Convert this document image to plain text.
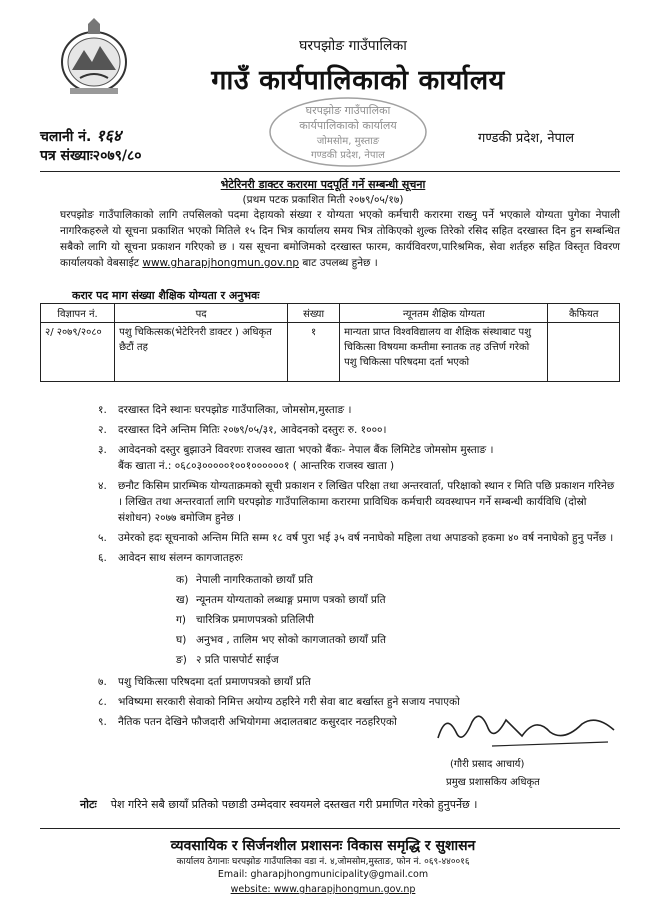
घरपझोङ गाउँपालिका
गाउँ कार्यपालिकाको कार्यालय
घरपझोङ गाउँपालिका
कार्यपालिकाको कार्यालय
जोमसोम, मुस्ताङ
गण्डकी प्रदेश, नेपाल
चलानी नं. १६४
पत्र संख्याः२०७९/८०
गण्डकी प्रदेश, नेपाल
भेटेरिनरी डाक्टर करारमा पदपूर्ति गर्ने सम्बन्धी सूचना
(प्रथम पटक प्रकाशित मिती २०७९/०५/१७)
घरपझोङ गाउँपालिकाको लागि तपसिलको पदमा देहायको संख्या र योग्यता भएको कर्मचारी करारमा राख्नु पर्ने भएकाले योग्यता पुगेका नेपाली नागरिकहरुले यो सूचना प्रकाशित भएको मितिले १५ दिन भित्र कार्यालय समय भित्र तोकिएको शुल्क तिरेको रसिद सहित दरखास्त दिन हुन सम्बन्धित सबैको लागि यो सूचना प्रकाशन गरिएको छ । यस सूचना बमोजिमको दरखास्त फारम, कार्यविवरण,पारिश्रमिक, सेवा शर्तहरु सहित विस्तृत विवरण कार्यालयको वेबसाईट www.gharapjhongmun.gov.np बाट उपलब्ध हुनेछ ।
करार पद माग संख्या शैक्षिक योग्यता र अनुभवः
विज्ञापन नं.	पद	संख्या	न्यूनतम शैक्षिक योग्यता	कैफियत
२/ २०७९/२०८०	पशु चिकित्सक(भेटेरिनरी डाक्टर ) अधिकृत छैटौं तह	१	मान्यता प्राप्त विश्वविद्यालय वा शैक्षिक संस्थाबाट पशु चिकित्सा विषयमा कम्तीमा स्नातक तह उत्तिर्ण गरेको पशु चिकित्सा परिषदमा दर्ता भएको	
१. दरखास्त दिने स्थानः घरपझोङ गाउँपालिका, जोमसोम,मुस्ताङ ।
२. दरखास्त दिने अन्तिम मितिः २०७९/०५/३१, आवेदनको दस्तुरः रु. १०००।
३. आवेदनको दस्तुर बुझाउने विवरणः राजस्व खाता भएको बैंकः- नेपाल बैंक लिमिटेड जोमसोम मुस्ताङ ।
बैंक खाता नं.: ०६८०३०००००१००१००००००१ ( आन्तरिक राजस्व खाता )
४. छनौट किसिम प्रारम्भिक योग्यताक्रमको सूची प्रकाशन र लिखित परिक्षा तथा अन्तरवार्ता, परिक्षाको स्थान र मिति पछि प्रकाशन गरिनेछ । लिखित तथा अन्तरवार्ता लागि घरपझोङ गाउँपालिकामा करारमा प्राविधिक कर्मचारी व्यवस्थापन गर्ने सम्बन्धी कार्यविधि (दोस्रो संशोधन) २०७७ बमोजिम हुनेछ ।
५. उमेरको हदः सूचनाको अन्तिम मिति सम्म १८ वर्ष पुरा भई ३५ वर्ष ननाघेको महिला तथा अपाङको हकमा ४० वर्ष ननाघेको हुनु पर्नेछ ।
६. आवेदन साथ संलग्न कागजातहरुः
क) नेपाली नागरिकताको छायाँ प्रति
ख) न्यूनतम योग्यताको लब्धाङ्ग प्रमाण पत्रको छायाँ प्रति
ग) चारित्रिक प्रमाणपत्रको प्रतिलिपी
घ) अनुभव , तालिम भए सोको कागजातको छायाँ प्रति
ङ) २ प्रति पासपोर्ट साईज
७. पशु चिकित्सा परिषदमा दर्ता प्रमाणपत्रको छायाँ प्रति
८. भविष्यमा सरकारी सेवाको निमित्त अयोग्य ठहरिने गरी सेवा बाट बर्खास्त हुने सजाय नपाएको
९. नैतिक पतन देखिने फौजदारी अभियोगमा अदालतबाट कसुरदार नठहरिएको
(गौरी प्रसाद आचार्य)
प्रमुख प्रशासकिय अधिकृत
नोटः पेश गरिने सबै छायाँ प्रतिको पछाडी उम्मेदवार स्वयमले दस्तखत गरी प्रमाणित गरेको हुनुपर्नेछ ।
व्यवसायिक र सिर्जनशील प्रशासनः विकास समृद्धि र सुशासन
कार्यालय ठेगानाः घरपझोङ गाउँपालिका वडा नं. ४,जोमसोम,मुस्ताङ, फोन नं. ०६९-४४००१६
Email: gharapjhongmunicipality@gmail.com
website: www.gharapjhongmun.gov.np
